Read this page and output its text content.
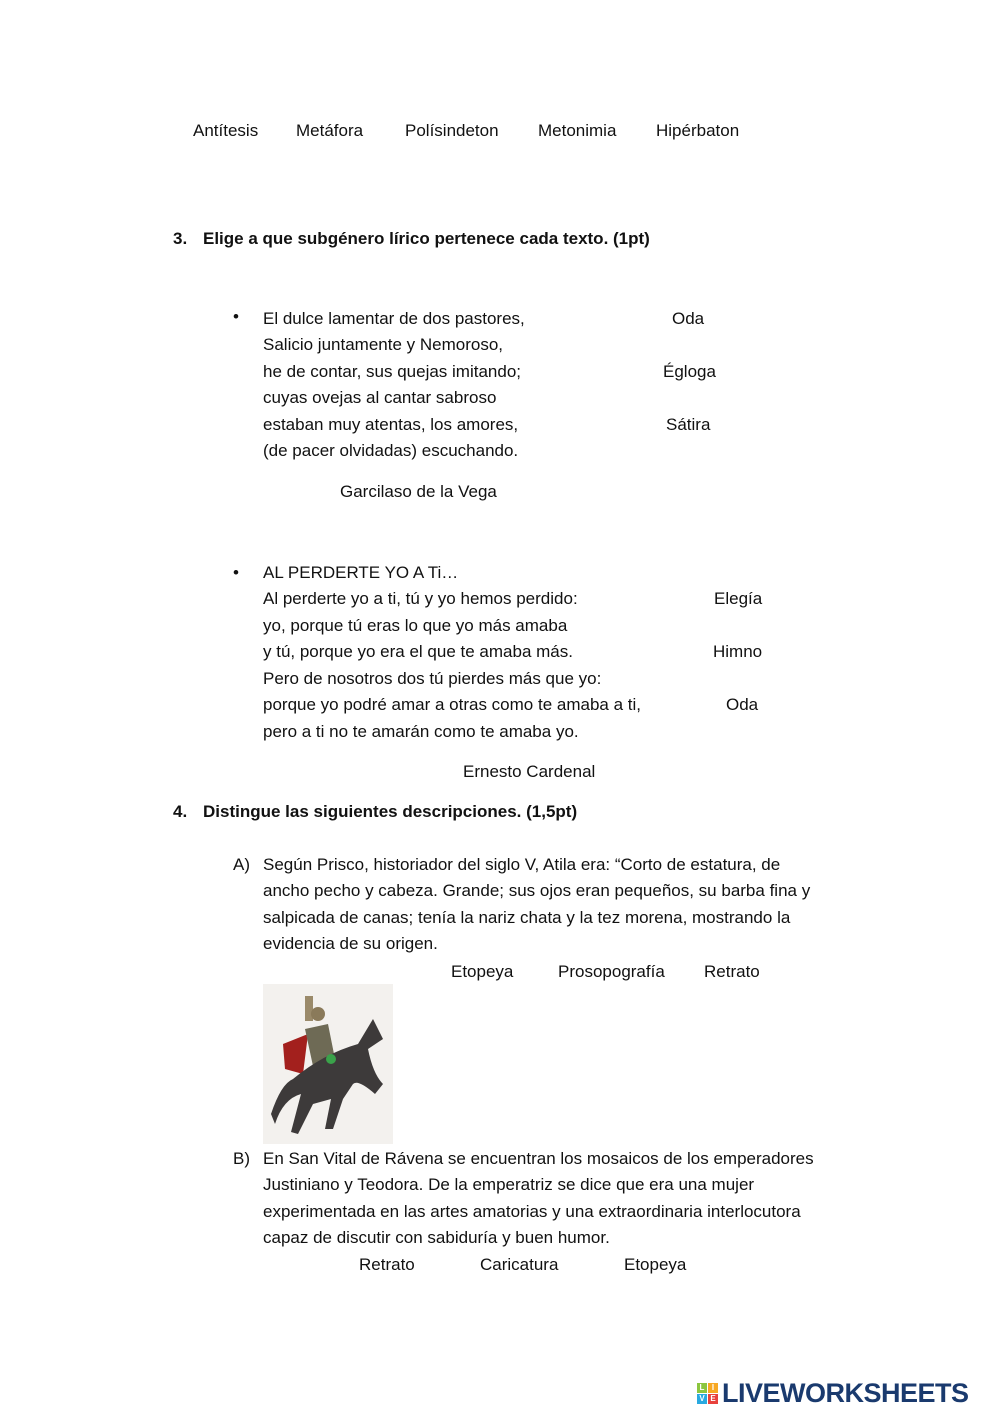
Antítesis Metáfora Polísindeton Metonimia Hipérbaton
3. Elige a que subgénero lírico pertenece cada texto. (1pt)
• El dulce lamentar de dos pastores,
Salicio juntamente y Nemoroso,
he de contar, sus quejas imitando;
cuyas ovejas al cantar sabroso
estaban muy atentas, los amores,
(de pacer olvidadas) escuchando.
Garcilaso de la Vega
Oda
Égloga
Sátira
• AL PERDERTE YO A Ti…
Al perderte yo a ti, tú y yo hemos perdido:
yo, porque tú eras lo que yo más amaba
y tú, porque yo era el que te amaba más.
Pero de nosotros dos tú pierdes más que yo:
porque yo podré amar a otras como te amaba a ti,
pero a ti no te amarán como te amaba yo.
Ernesto Cardenal
Elegía
Himno
Oda
4. Distingue las siguientes descripciones. (1,5pt)
A) Según Prisco, historiador del siglo V, Atila era: “Corto de estatura, de
ancho pecho y cabeza. Grande; sus ojos eran pequeños, su barba fina y
salpicada de canas; tenía la nariz chata y la tez morena, mostrando la
evidencia de su origen.
Etopeya	Prosopografía Retrato
B) En San Vital de Rávena se encuentran los mosaicos de los emperadores
Justiniano y Teodora. De la emperatriz se dice que era una mujer
experimentada en las artes amatorias y una extraordinaria interlocutora
capaz de discutir con sabiduría y buen humor.
Retrato	Caricatura	Etopeya
L I
V E LIVEWORKSHEETS
